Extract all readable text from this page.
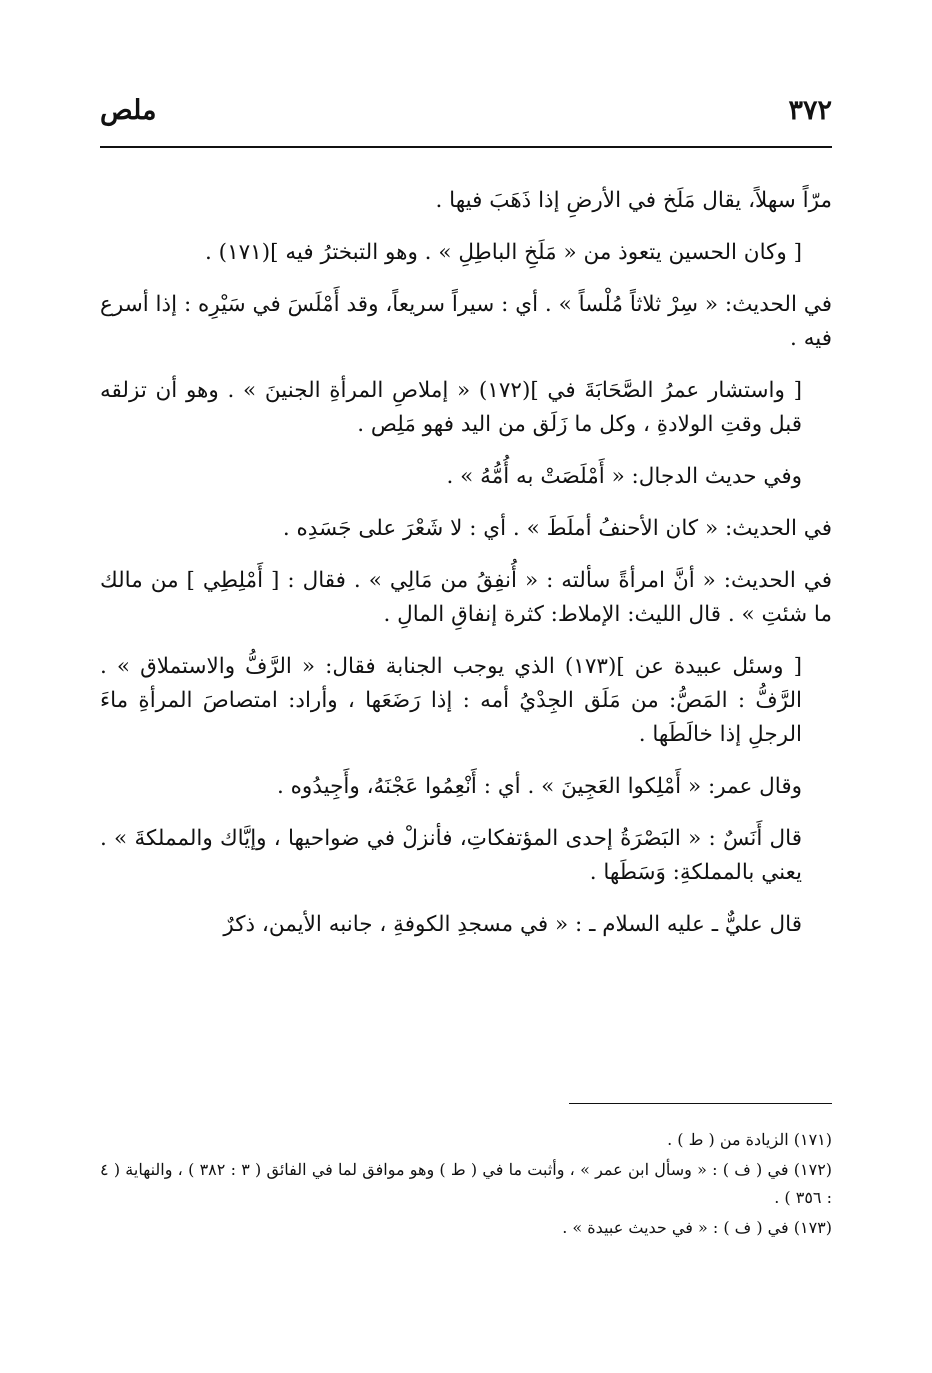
٣٧٢
ملص

مرّاً سهلاً، يقال مَلَخ في الأرضِ إذا ذَهَبَ فيها .

[ وكان الحسين يتعوذ من « مَلَخِ الباطِلِ » . وهو التبخترُ فيه ](١٧١) .

في الحديث: « سِرْ ثلاثاً مُلْساً » . أي : سيراً سريعاً، وقد أَمْلَسَ في سَيْرِه : إذا أسرع فيه .

[ واستشار عمرُ الصَّحَابَةَ في ](١٧٢) « إملاصِ المرأةِ الجنينَ » . وهو أن تزلقه قبل وقتِ الولادةِ ، وكل ما زَلَق من اليد فهو مَلِص .

وفي حديث الدجال: « أَمْلَصَتْ به أُمُّهُ » .

في الحديث: « كان الأحنفُ أملَطَ » . أي : لا شَعْرَ على جَسَدِه .

في الحديث: « أنَّ امرأةً سألته : « أُنفِقُ من مَالِي » . فقال : [ أَمْلِطِي ] من مالك ما شئتِ » . قال الليث: الإملاط: كثرة إنفاقِ المالِ .

[ وسئل عبيدة عن ](١٧٣) الذي يوجب الجنابة فقال: « الرَّفُّ والاستملاق » . الرَّفُّ : المَصُّ: من مَلَق الجِدْيُ أمه : إذا رَضَعَها ، وأراد: امتصاصَ المرأةِ ماءَ الرجلِ إذا خالَطَها .

وقال عمر: « أَمْلِكوا العَجِينَ » . أي : أَنْعِمُوا عَجْنَهُ، وأَجِيدُوه .

قال أَنَسٌ : « البَصْرَةُ إحدى المؤتفكاتِ، فأنزلْ في ضواحيها ، وإيَّاك والمملكةَ » . يعني بالمملكةِ: وَسَطَها .

قال عليٌّ ـ عليه السلام ـ : « في مسجدِ الكوفةِ ، جانبه الأيمن، ذكرٌ

(١٧١) الزيادة من ( ط ) .

(١٧٢) في ( ف ) : « وسأل ابن عمر » ، وأثبت ما في ( ط ) وهو موافق لما في الفائق ( ٣ : ٣٨٢ ) ، والنهاية ( ٤ : ٣٥٦ ) .

(١٧٣) في ( ف ) : « في حديث عبيدة » .
